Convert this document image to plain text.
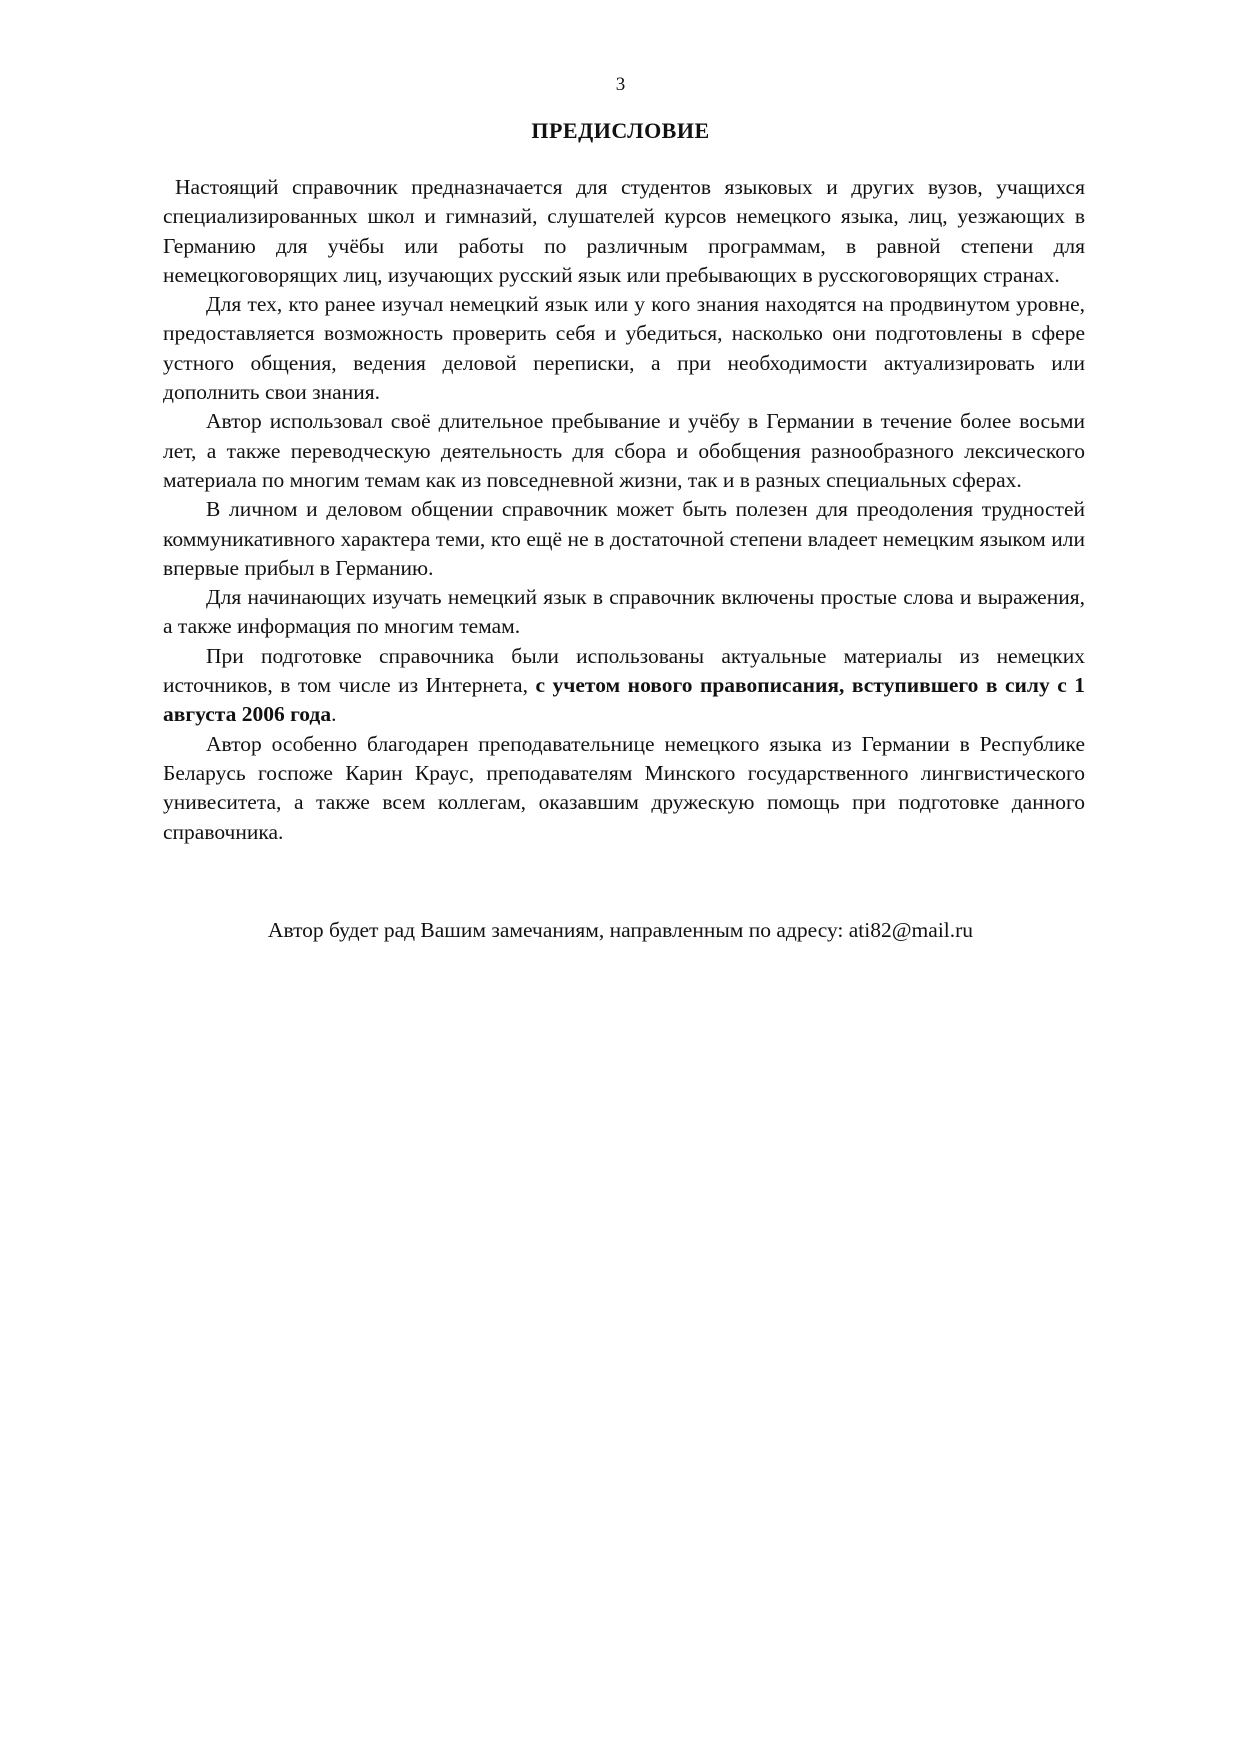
3
ПРЕДИСЛОВИЕ

Настоящий справочник предназначается для студентов языковых и других вузов, учащихся специализированных школ и гимназий, слушателей курсов немецкого языка, лиц, уезжающих в Германию для учёбы или работы по различным программам, в равной степени для немецкоговорящих лиц, изучающих русский язык или пребывающих в русскоговорящих странах.

Для тех, кто ранее изучал немецкий язык или у кого знания находятся на продвинутом уровне, предоставляется возможность проверить себя и убедиться, насколько они подготовлены в сфере устного общения, ведения деловой переписки, а при необходимости актуализировать или дополнить свои знания.

Автор использовал своё длительное пребывание и учёбу в Германии в течение более восьми лет, а также переводческую деятельность для сбора и обобщения разнообразного лексического материала по многим темам как из повседневной жизни, так и в разных специальных сферах.

В личном и деловом общении справочник может быть полезен для преодоления трудностей коммуникативного характера теми, кто ещё не в достаточной степени владеет немецким языком или впервые прибыл в Германию.

Для начинающих изучать немецкий язык в справочник включены простые слова и выражения, а также информация по многим темам.

При подготовке справочника были использованы актуальные материалы из немецких источников, в том числе из Интернета, с учетом нового правописания, вступившего в силу с 1 августа 2006 года.

Автор особенно благодарен преподавательнице немецкого языка из Германии в Республике Беларусь госпоже Карин Краус, преподавателям Минского государственного лингвистического унивеситета, а также всем коллегам, оказавшим дружескую помощь при подготовке данного справочника.

Автор будет рад Вашим замечаниям, направленным по адресу: ati82@mail.ru
